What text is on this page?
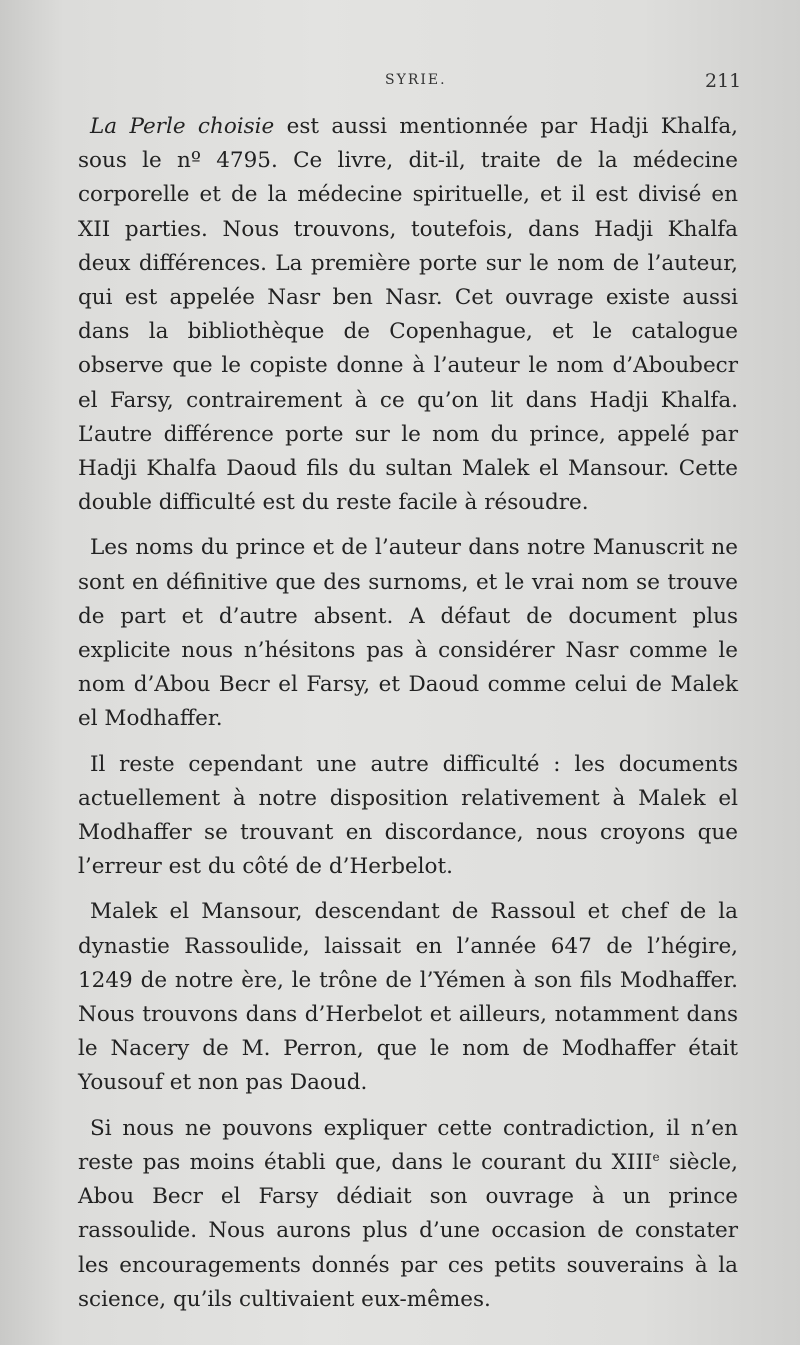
SYRIE.	211

La Perle choisie est aussi mentionnée par Hadji Khalfa, sous le nº 4795. Ce livre, dit-il, traite de la médecine corporelle et de la médecine spirituelle, et il est divisé en XII parties. Nous trouvons, toutefois, dans Hadji Khalfa deux différences. La première porte sur le nom de l’auteur, qui est appelée Nasr ben Nasr. Cet ouvrage existe aussi dans la bibliothèque de Copenhague, et le catalogue observe que le copiste donne à l’auteur le nom d’Aboubecr el Farsy, contrairement à ce qu’on lit dans Hadji Khalfa. L’autre différence porte sur le nom du prince, appelé par Hadji Khalfa Daoud fils du sultan Malek el Mansour. Cette double difficulté est du reste facile à résoudre.

Les noms du prince et de l’auteur dans notre Manuscrit ne sont en définitive que des surnoms, et le vrai nom se trouve de part et d’autre absent. A défaut de document plus explicite nous n’hésitons pas à considérer Nasr comme le nom d’Abou Becr el Farsy, et Daoud comme celui de Malek el Modhaffer.

Il reste cependant une autre difficulté : les documents actuellement à notre disposition relativement à Malek el Modhaffer se trouvant en discordance, nous croyons que l’erreur est du côté de d’Herbelot.

Malek el Mansour, descendant de Rassoul et chef de la dynastie Rassoulide, laissait en l’année 647 de l’hégire, 1249 de notre ère, le trône de l’Yémen à son fils Modhaffer. Nous trouvons dans d’Herbelot et ailleurs, notamment dans le Nacery de M. Perron, que le nom de Modhaffer était Yousouf et non pas Daoud.

Si nous ne pouvons expliquer cette contradiction, il n’en reste pas moins établi que, dans le courant du XIIIe siècle, Abou Becr el Farsy dédiait son ouvrage à un prince rassoulide. Nous aurons plus d’une occasion de constater les encouragements donnés par ces petits souverains à la science, qu’ils cultivaient eux-mêmes.
